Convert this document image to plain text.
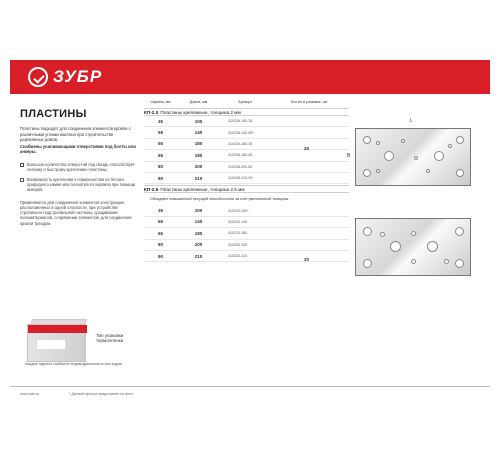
ЗУБР
ПЛАСТИНЫ
Пластины подходят для соединения элементов кровли с различными углами наклона при строительстве деревянных домов.
Снабжены усиливающими отверстиями под болты или анкеры.
Большое количество отверстий под гвоздь способствует легкому и быстрому креплению пластины
Возможность крепления к поверхностям из бетона, природного камня или полнотелого кирпича при помощи анкеров
Применяются для соединения элементов конструкции, расположенных в одной плоскости, при устройстве стропильно-подстропильной системы, сращивании пиломатериалов, сопряжении элементов, для соединения кровли трехдом.
Тип упаковки
термопленка
Каждое изделие снабжено индивидуальным штрих-кодом
Ширина, мм	Длина, мм	Артикул	Кол-во в упаковке, шт.
КП-2.0 Пластины крепежные, толщина 2 мм
35	100	310236-100-35
55	140	310236-140-55*
55	180	310236-180-35
65	180	310236-180-65
80	200	310236-200-80
90	210	310236-210-90
20
КП-2.5 Пластины крепежные, толщина 2.5 мм
Обладают повышенной несущей способностью за счет увеличенной толщины
35	100	310233-100*
55	140	310233-140
65	180	310233-180
80	200	310233-200
90	210	310233-210
20
L
B
www.zubr.ru	* Данный артикул представлен на фото
